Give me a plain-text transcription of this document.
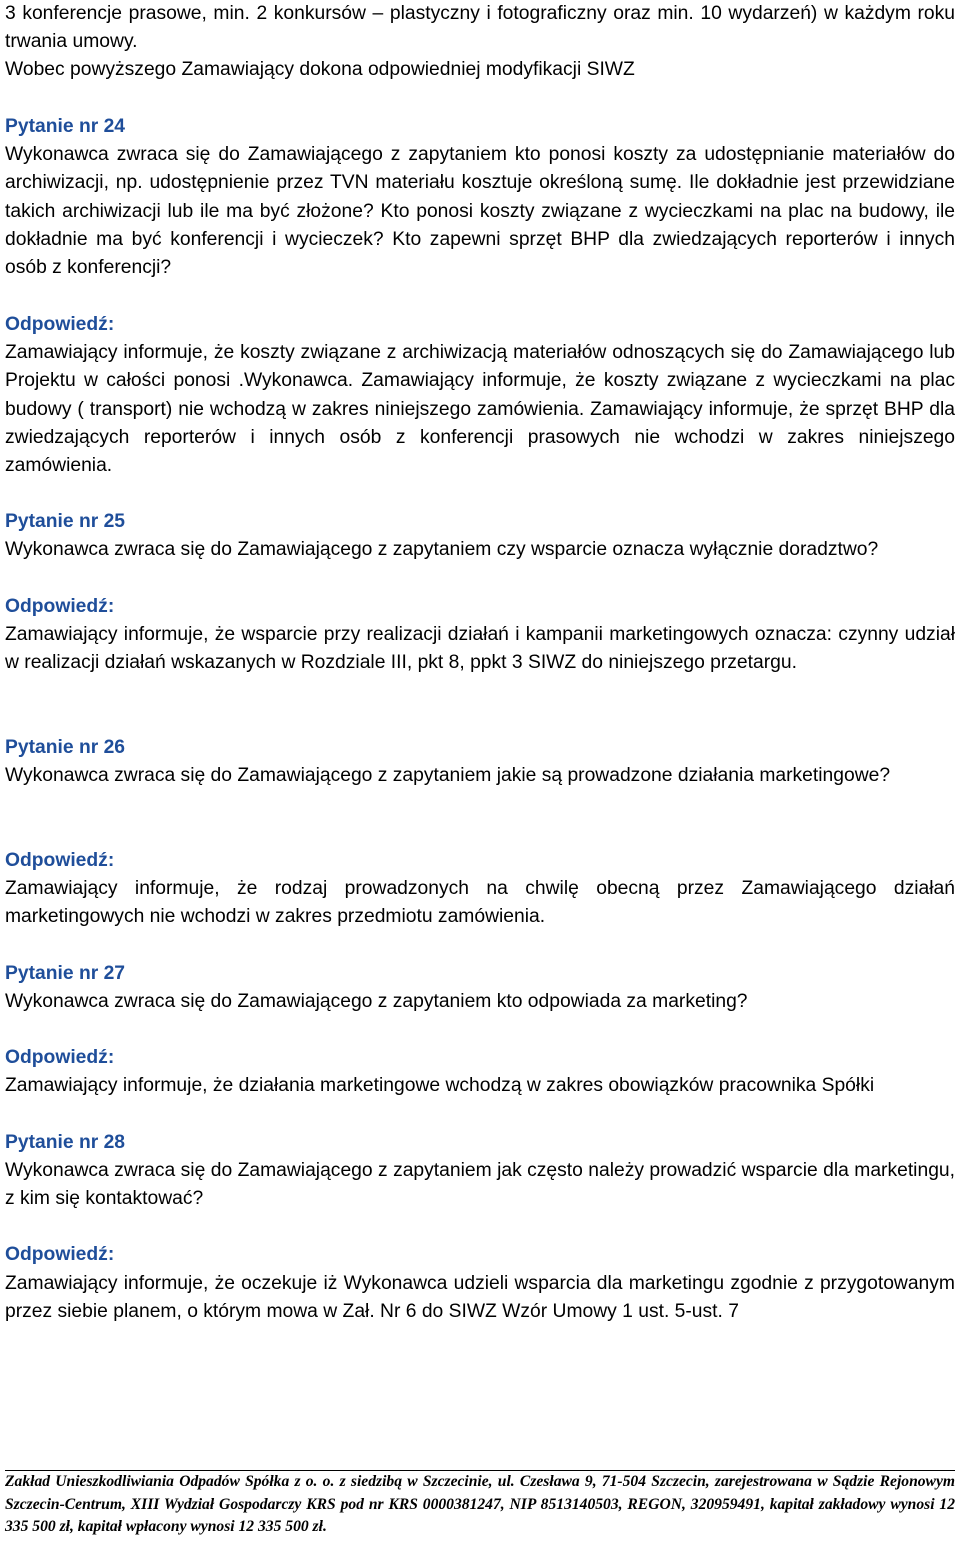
3 konferencje prasowe, min. 2 konkursów – plastyczny i fotograficzny oraz min. 10 wydarzeń) w każdym roku trwania umowy.

Wobec powyższego Zamawiający dokona odpowiedniej modyfikacji SIWZ

Pytanie nr 24

Wykonawca zwraca się do Zamawiającego z zapytaniem kto ponosi koszty za udostępnianie materiałów do archiwizacji, np. udostępnienie przez TVN materiału kosztuje określoną sumę. Ile dokładnie jest przewidziane takich archiwizacji lub ile ma być złożone? Kto ponosi koszty związane z wycieczkami na plac na budowy, ile dokładnie ma być konferencji i wycieczek? Kto zapewni sprzęt BHP dla zwiedzających reporterów i innych osób z konferencji?

Odpowiedź:

Zamawiający informuje, że koszty związane z archiwizacją materiałów odnoszących się do Zamawiającego lub Projektu w całości ponosi .Wykonawca. Zamawiający informuje, że koszty związane z wycieczkami na plac budowy ( transport) nie wchodzą w zakres niniejszego zamówienia. Zamawiający informuje, że sprzęt BHP dla zwiedzających reporterów i innych osób z konferencji prasowych nie wchodzi w zakres niniejszego zamówienia.

Pytanie nr 25

Wykonawca zwraca się do Zamawiającego z zapytaniem czy wsparcie oznacza wyłącznie doradztwo?

Odpowiedź:

Zamawiający informuje, że wsparcie przy realizacji działań i kampanii marketingowych oznacza: czynny udział w realizacji działań wskazanych w Rozdziale III, pkt 8, ppkt 3 SIWZ do niniejszego przetargu.

Pytanie nr 26

Wykonawca zwraca się do Zamawiającego z zapytaniem jakie są prowadzone działania marketingowe?

Odpowiedź:

Zamawiający informuje, że rodzaj prowadzonych na chwilę obecną przez Zamawiającego działań marketingowych nie wchodzi w zakres przedmiotu zamówienia.

Pytanie nr 27

Wykonawca zwraca się do Zamawiającego z zapytaniem kto odpowiada za marketing?

Odpowiedź:

Zamawiający informuje, że działania marketingowe wchodzą w zakres obowiązków pracownika Spółki

Pytanie nr 28

Wykonawca zwraca się do Zamawiającego z zapytaniem jak często należy prowadzić wsparcie dla marketingu, z kim się kontaktować?

Odpowiedź:

Zamawiający informuje, że oczekuje iż Wykonawca udzieli wsparcia dla marketingu zgodnie z przygotowanym przez siebie planem, o którym mowa w Zał. Nr 6 do SIWZ Wzór Umowy 1 ust. 5-ust. 7

Zakład Unieszkodliwiania Odpadów Spółka z o. o. z siedzibą w Szczecinie, ul. Czesława 9, 71-504 Szczecin, zarejestrowana w Sądzie Rejonowym Szczecin-Centrum, XIII Wydział Gospodarczy KRS pod nr KRS 0000381247, NIP 8513140503, REGON, 320959491, kapitał zakładowy wynosi 12 335 500 zł, kapitał wpłacony wynosi 12 335 500 zł.
